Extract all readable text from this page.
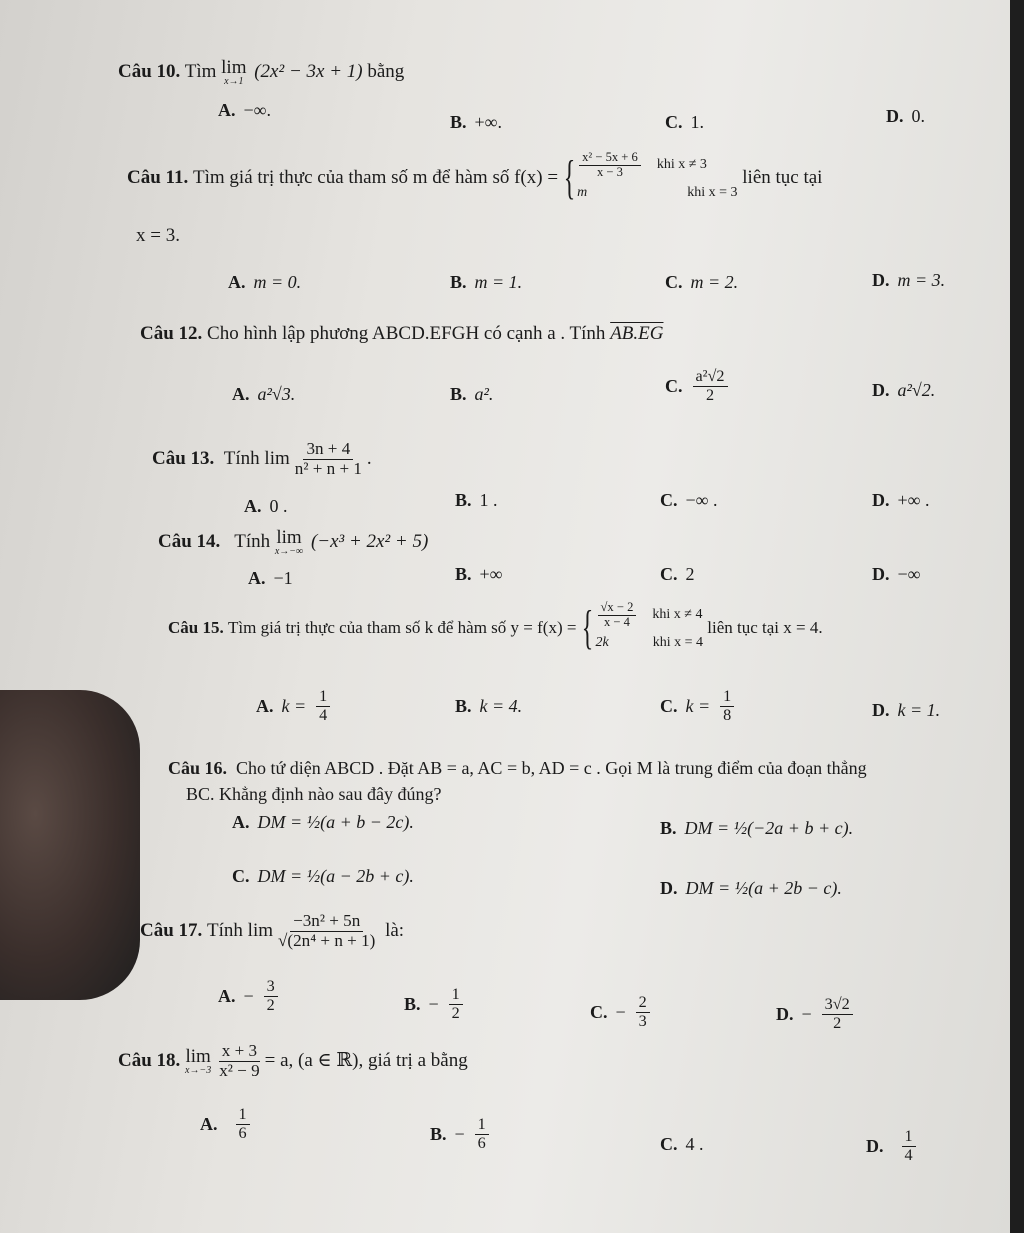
Câu 10. Tìm lim
x→1 (2x² − 3x + 1) bằng
A. −∞.
B. +∞.	C. 1.	D. 0.
Câu 11.
Tìm giá trị thực của tham số m để hàm số f(x) = { $\frac{\text{x² − 5x + 6}}{x - 3}$ khi x ≠ 3
m	khi x = 3

liên tục tại
x = 3.
A. m = 0.	B. m = 1.	C. m = 2.	D. m = 3.
Câu 12. Cho hình lập phương ABCD.EFGH có cạnh a . Tính AB.EG
A. a²√3.	B. a².	C. $\frac{\text{a²√2}}{2}$	D. a²√2.
Câu 13.
Tính $\lim \frac{3n + 4}{\text{n² + n + 1}}$ .
A. 0 .	B. 1 .	C. −∞ .	D. +∞ .
Câu 14. Tính lim
x→−∞ (−x³ + 2x² + 5)
A. −1	B. +∞	C. 2	D. −∞
Câu 15.
Tìm giá trị thực của tham số k để hàm số y = f(x) = { $\frac{√x - 2}{x - 4}$ khi x ≠ 4
2k	khi x = 4

liên tục tại x = 4.
A. $k = \frac{1}{4}$	B. k = 4.	C. $k = \frac{1}{8}$	D. k = 1.
Câu 16. Cho tứ diện ABCD . Đặt AB = a, AC = b, AD = c . Gọi M là trung điểm của đoạn thẳng
BC. Khẳng định nào sau đây đúng?
A. DM = ½(a + b − 2c).	B. DM = ½(−2a + b + c).
C. DM = ½(a − 2b + c).
D. DM = ½(a + 2b − c).
Câu 17.
Tính $\lim \frac{\text{−3n² + 5n}}{\text{√(2n⁴ + n + 1)}}$
là:
A. − $\frac{3}{2}$	B. − $\frac{1}{2}$	C. − $\frac{2}{3}$	D. − $\frac{3√2}{2}$
Câu 18.
lim
$x\to-3 \frac{x + 3}{\text{x² − 9}} = a$, (a ∈ ℝ), giá trị a bằng
A. $\frac{1}{6}$	B. − $\frac{1}{6}$	C. 4 .	D. $\frac{1}{4}$
